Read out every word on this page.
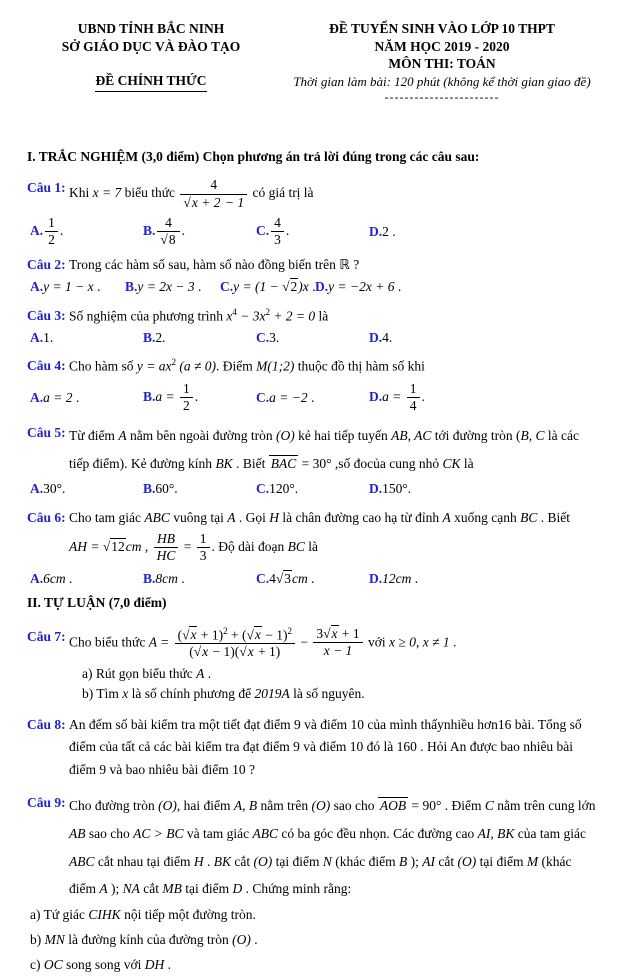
UBND TỈNH BẮC NINH
SỞ GIÁO DỤC VÀ ĐÀO TẠO
ĐỀ CHÍNH THỨC
ĐỀ TUYỂN SINH VÀO LỚP 10 THPT
NĂM HỌC 2019 - 2020
MÔN THI: TOÁN
Thời gian làm bài: 120 phút (không kể thời gian giao đề)
-----------------------
I. TRẮC NGHIỆM (3,0 điểm) Chọn phương án trả lời đúng trong các câu sau:
Câu 1: Khi x = 7 biểu thức $\frac{4}{√x + 2 - 1}$ có giá trị là
A. $\frac{1}{2}$ .	B. $\frac{4}{√8}$ .	C. $\frac{4}{3}$ .	D.2 .
Câu 2: Trong các hàm số sau, hàm số nào đồng biến trên ℝ ?
A.y = 1 − x .	B.y = 2x − 3 .	C.y = (1 − √2)x . D.y = −2x + 6 .
Câu 3: Số nghiệm của phương trình $x^4 - 3x^2 + 2 = 0$ là
A.1.	B.2.	C.3.	D.4.
Câu 4: Cho hàm số $y = ax^2$ (a ≠ 0). Điểm M(1;2) thuộc đồ thị hàm số khi
A.a = 2 .	$B.a = \frac{1}{2}$ .	C.a = −2 .	$D.a = \frac{1}{4}$ .
Câu 5: Từ điểm A nằm bên ngoài đường tròn (O) kẻ hai tiếp tuyến AB, AC tới đường tròn (B, C là các tiếp điểm). Kẻ đường kính BK . Biết BAC = 30° ,số đocủa cung nhỏ CK là
A.30°.	B.60°.	C.120°.	D.150°.
Câu 6: Cho tam giác ABC vuông tại A . Gọi H là chân đường cao hạ từ đỉnh A xuống cạnh BC . Biết
AH = √12cm , $\frac{HB}{HC} = \frac{1}{3}$ . Độ dài đoạn BC là
A.6cm .	B.8cm .	C.4√3cm .	D.12cm .
II. TỰ LUẬN (7,0 điểm)
Câu 7: Cho biểu thức $A = \frac{(√x + 1)^2 + (√x - 1)^2}{(√x - 1)(√x + 1)} - \frac{3√x + 1}{x - 1}$ với x ≥ 0, x ≠ 1 .
a) Rút gọn biểu thức A .
b) Tìm x là số chính phương để 2019A là số nguyên.
Câu 8: An đếm số bài kiểm tra một tiết đạt điểm 9 và điểm 10 của mình thấynhiều hơn16 bài. Tổng số điểm của tất cả các bài kiểm tra đạt điểm 9 và điểm 10 đó là 160 . Hỏi An được bao nhiêu bài điểm 9 và bao nhiêu bài điểm 10 ?
Câu 9: Cho đường tròn (O), hai điểm A, B nằm trên (O) sao cho AOB = 90° . Điểm C nằm trên cung lớn AB sao cho AC > BC và tam giác ABC có ba góc đều nhọn. Các đường cao AI, BK của tam giác ABC cắt nhau tại điểm H . BK cắt (O) tại điểm N (khác điểm B ); AI cắt (O) tại điểm M (khác điểm A ); NA cắt MB tại điểm D . Chứng minh rằng:
a) Tứ giác CIHK nội tiếp một đường tròn.
b) MN là đường kính của đường tròn (O) .
c) OC song song với DH .
